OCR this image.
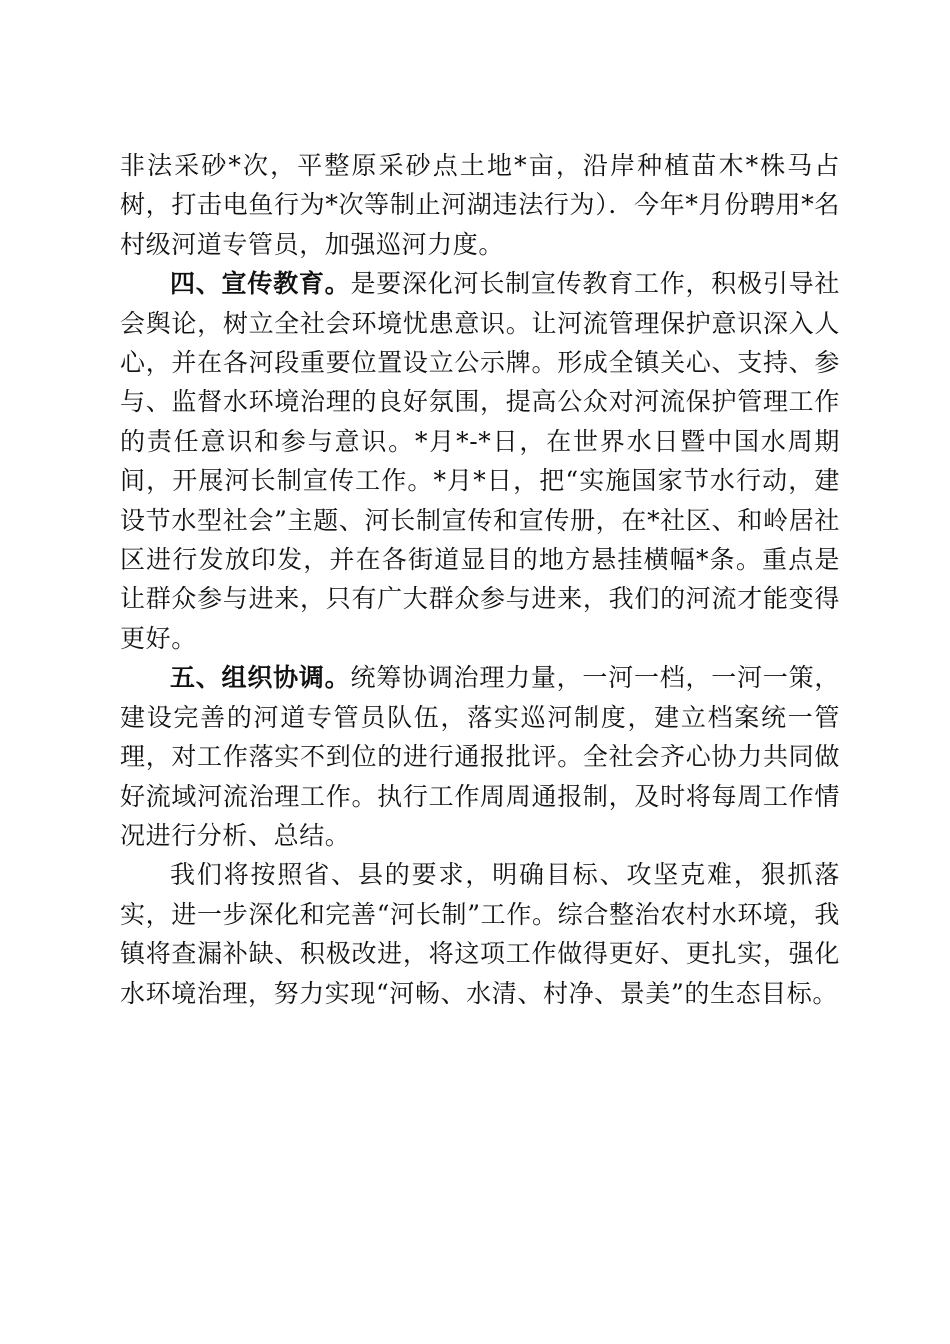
非法采砂*次，平整原采砂点土地*亩，沿岸种植苗木*株马占树，打击电鱼行为*次等制止河湖违法行为）．今年*月份聘用*名村级河道专管员，加强巡河力度。

四、宣传教育。是要深化河长制宣传教育工作，积极引导社会舆论，树立全社会环境忧患意识。让河流管理保护意识深入人心，并在各河段重要位置设立公示牌。形成全镇关心、支持、参与、监督水环境治理的良好氛围，提高公众对河流保护管理工作的责任意识和参与意识。*月*-*日，在世界水日暨中国水周期间，开展河长制宣传工作。*月*日，把“实施国家节水行动，建设节水型社会”主题、河长制宣传和宣传册，在*社区、和岭居社区进行发放印发，并在各街道显目的地方悬挂横幅*条。重点是让群众参与进来，只有广大群众参与进来，我们的河流才能变得更好。

五、组织协调。统筹协调治理力量，一河一档，一河一策，建设完善的河道专管员队伍，落实巡河制度，建立档案统一管理，对工作落实不到位的进行通报批评。全社会齐心协力共同做好流域河流治理工作。执行工作周周通报制，及时将每周工作情况进行分析、总结。

我们将按照省、县的要求，明确目标、攻坚克难，狠抓落实，进一步深化和完善“河长制”工作。综合整治农村水环境，我镇将查漏补缺、积极改进，将这项工作做得更好、更扎实，强化水环境治理，努力实现“河畅、水清、村净、景美”的生态目标。
